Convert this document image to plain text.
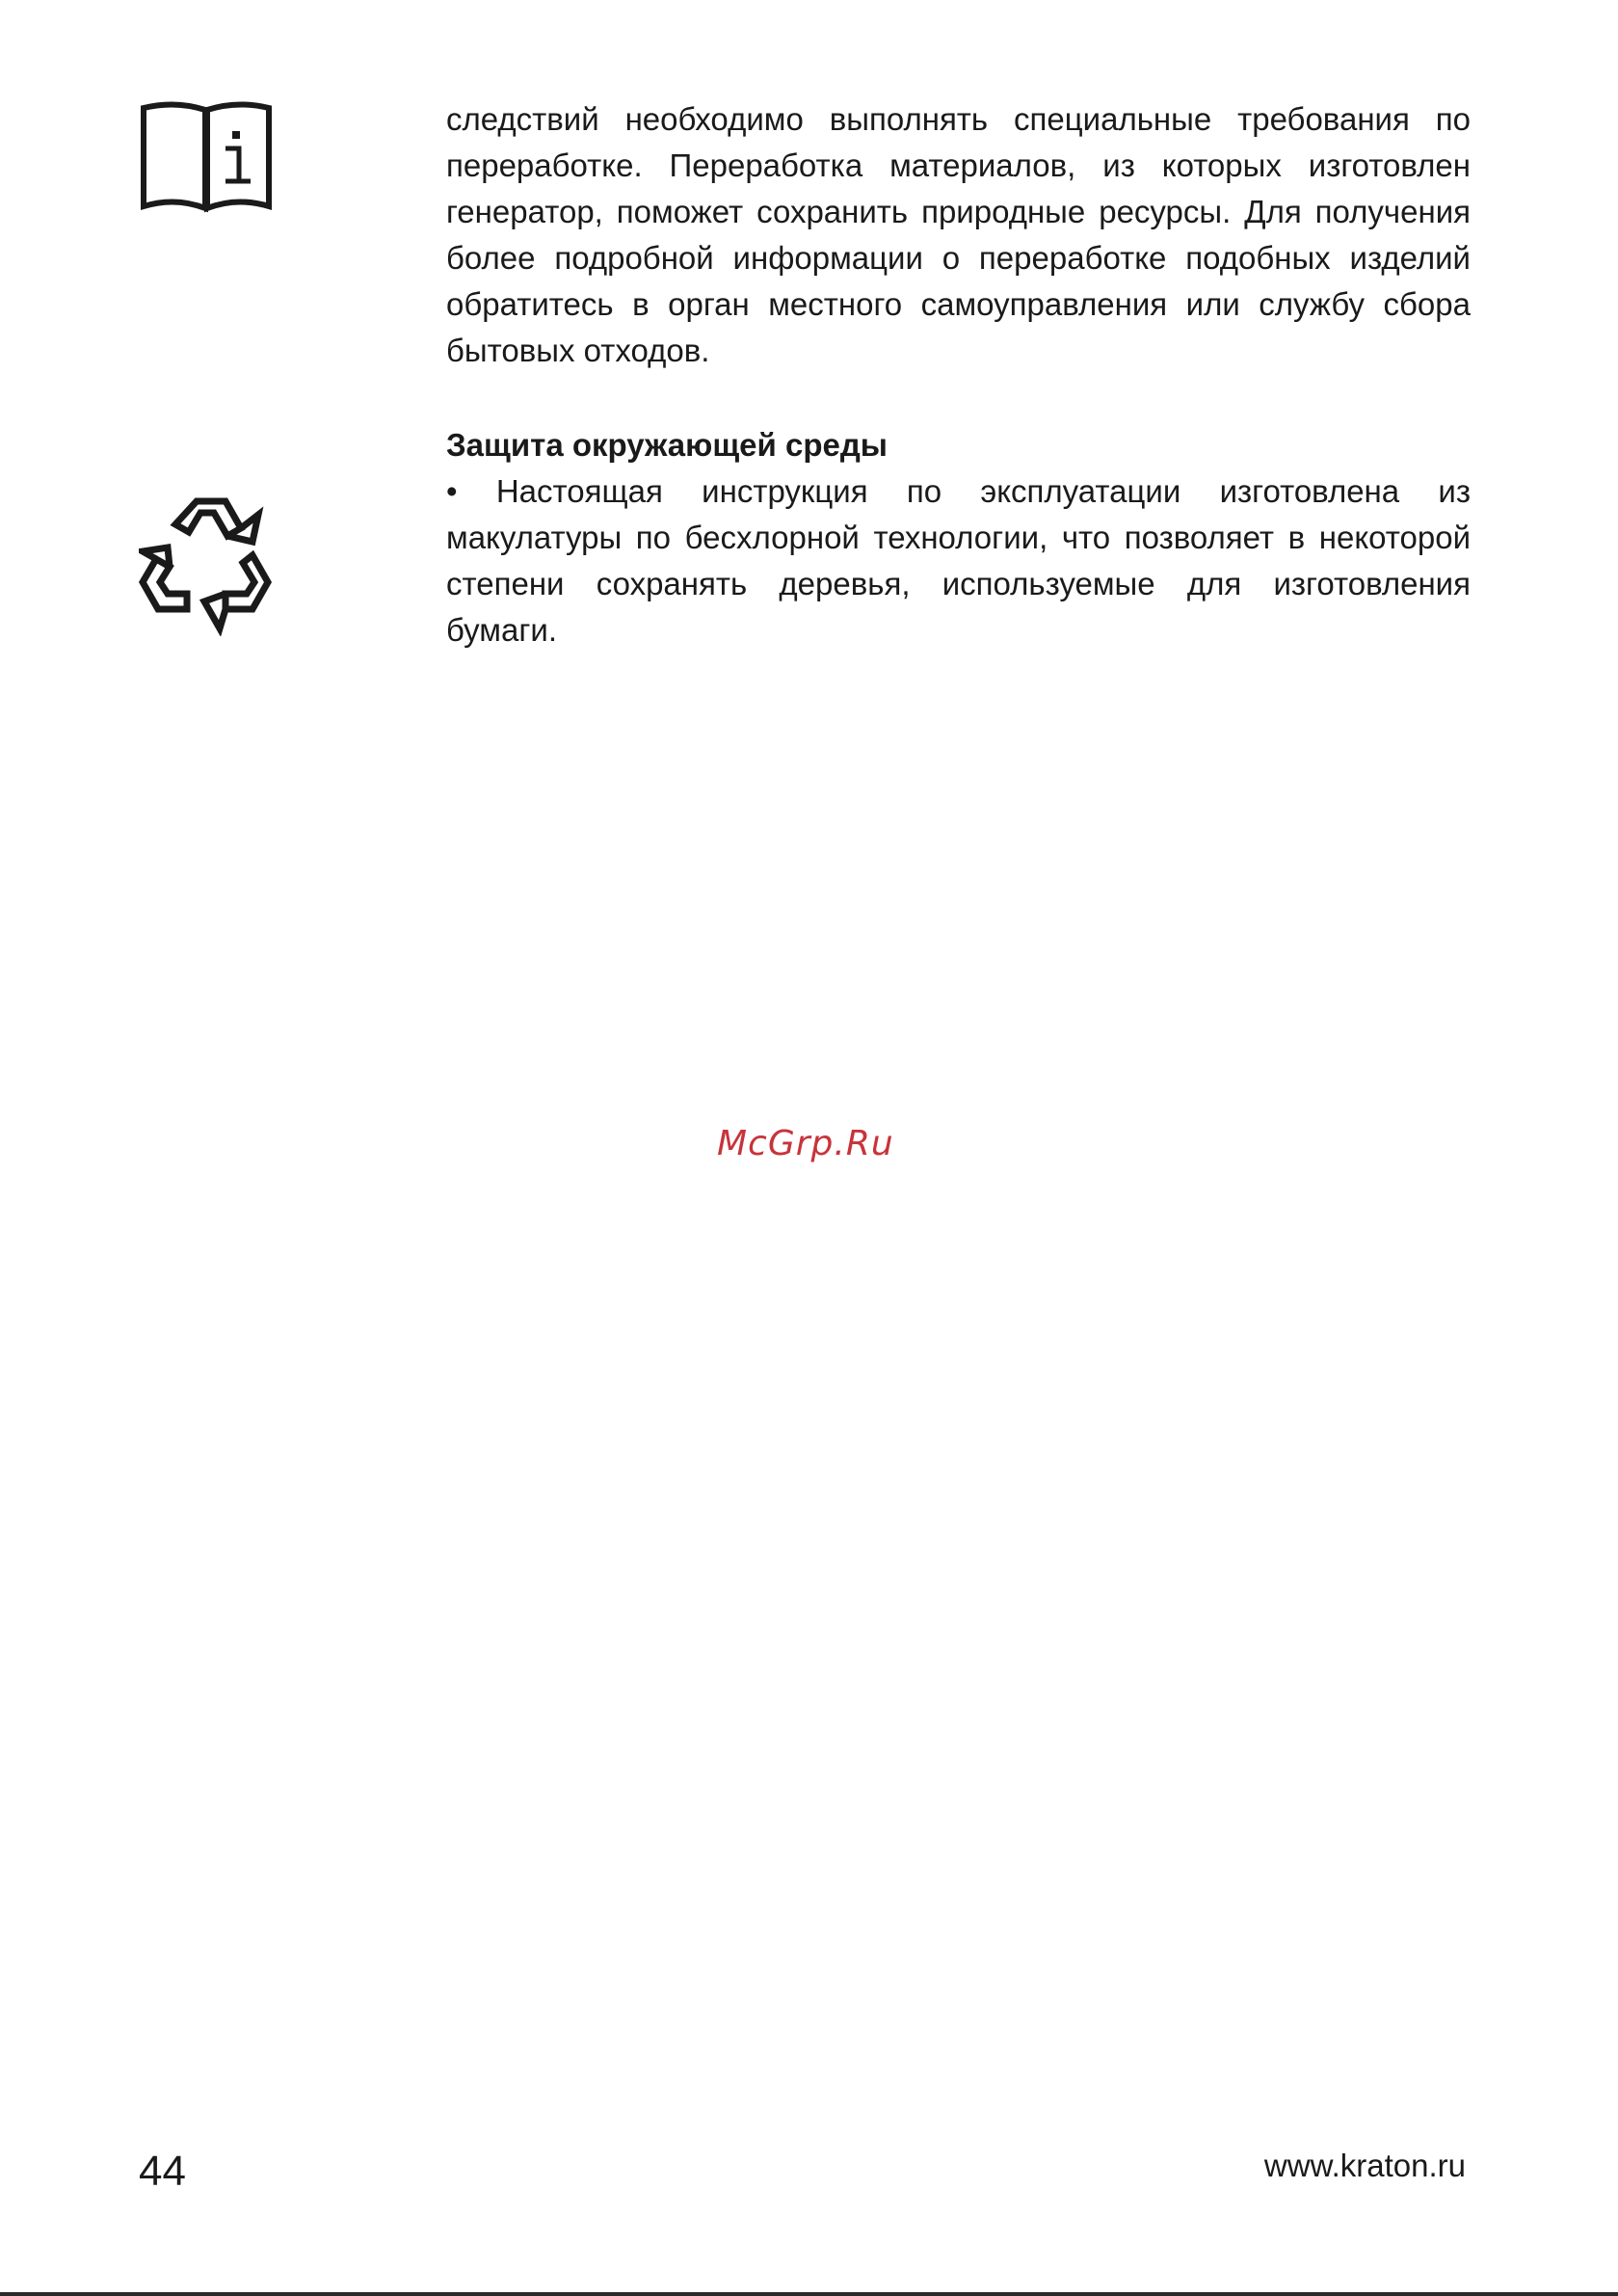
следствий необходимо выполнять специальные требования по переработке. Переработка материалов, из которых изготовлен генератор, поможет сохранить природные ресурсы. Для получения более подробной информации о переработке подобных изделий обратитесь в орган местного самоуправления или службу сбора бытовых отходов.
Защита окружающей среды
• Настоящая инструкция по эксплуатации изготовлена из макулатуры по бесхлорной технологии, что позволяет в некоторой степени сохранять деревья, используемые для изготовления бумаги.
McGrp.Ru
44	www.kraton.ru
